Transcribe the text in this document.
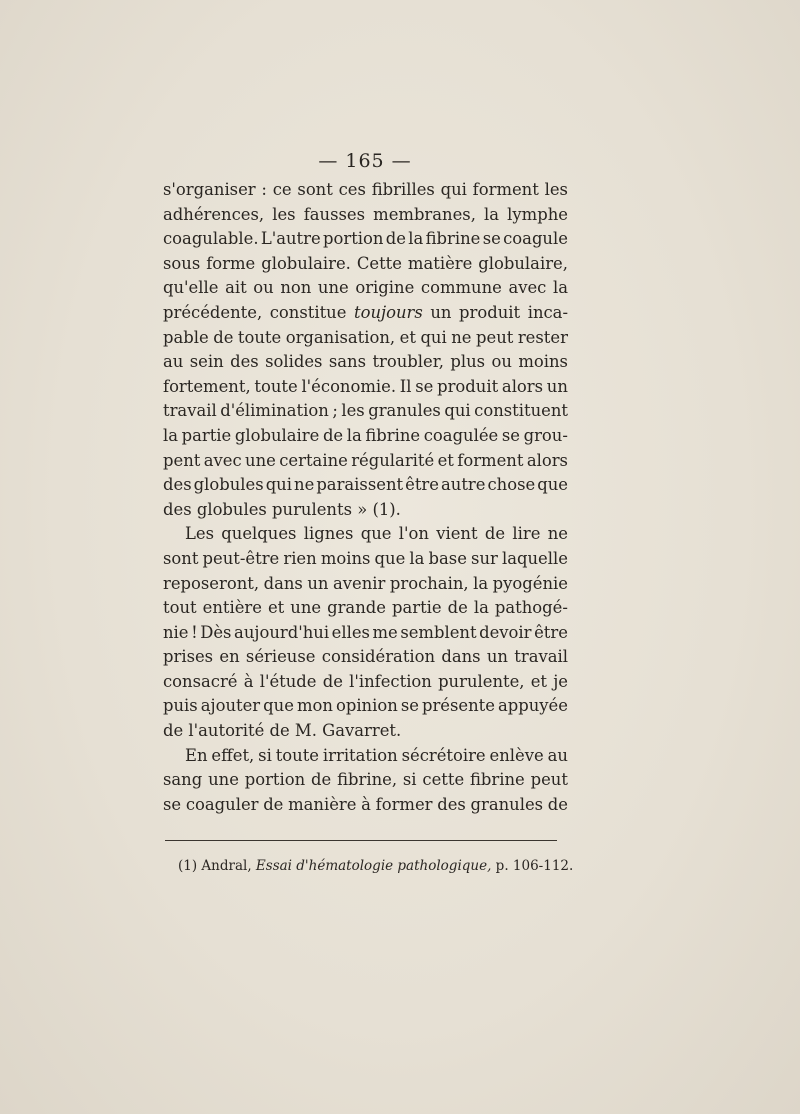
— 165 —
s'organiser : ce sont ces fibrilles qui forment les
adhérences, les fausses membranes, la lymphe
coagulable. L'autre portion de la fibrine se coagule
sous forme globulaire. Cette matière globulaire,
qu'elle ait ou non une origine commune avec la
précédente, constitue toujours un produit inca-
pable de toute organisation, et qui ne peut rester
au sein des solides sans troubler, plus ou moins
fortement, toute l'économie. Il se produit alors un
travail d'élimination ; les granules qui constituent
la partie globulaire de la fibrine coagulée se grou-
pent avec une certaine régularité et forment alors
des globules qui ne paraissent être autre chose que
des globules purulents » (1).
Les quelques lignes que l'on vient de lire ne
sont peut-être rien moins que la base sur laquelle
reposeront, dans un avenir prochain, la pyogénie
tout entière et une grande partie de la pathogé-
nie ! Dès aujourd'hui elles me semblent devoir être
prises en sérieuse considération dans un travail
consacré à l'étude de l'infection purulente, et je
puis ajouter que mon opinion se présente appuyée
de l'autorité de M. Gavarret.
En effet, si toute irritation sécrétoire enlève au
sang une portion de fibrine, si cette fibrine peut
se coaguler de manière à former des granules de
(1) Andral, Essai d'hématologie pathologique, p. 106-112.
